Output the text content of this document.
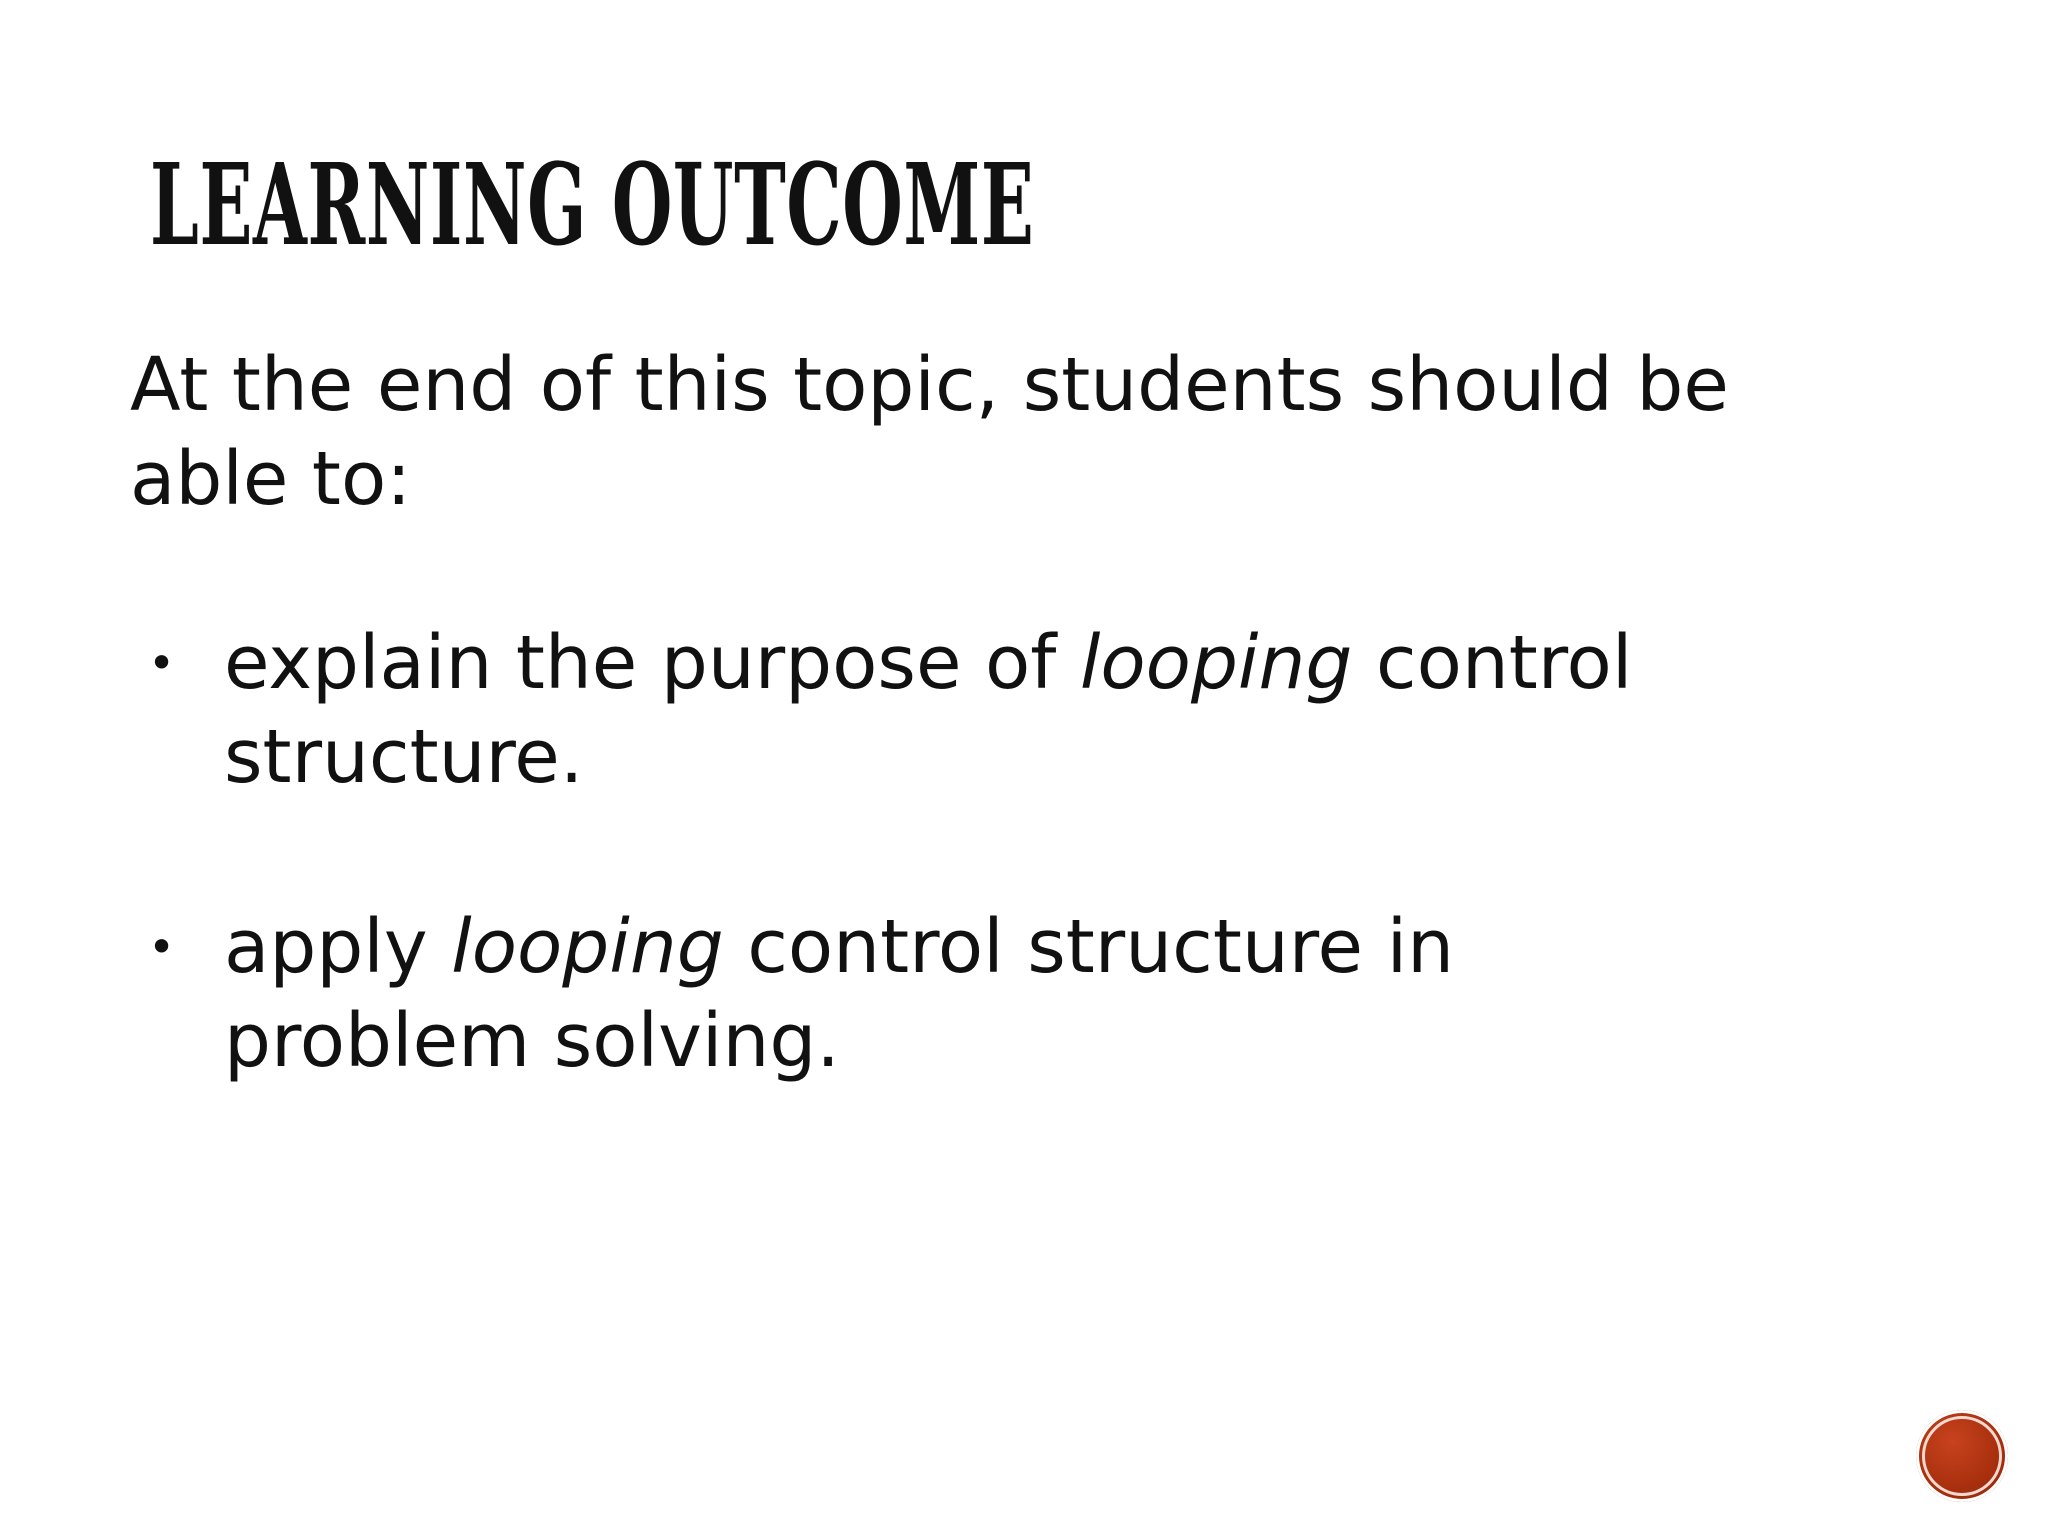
LEARNING OUTCOME

At the end of this topic, students should be able to:

• explain the purpose of looping control structure.
• apply looping control structure in problem solving.
